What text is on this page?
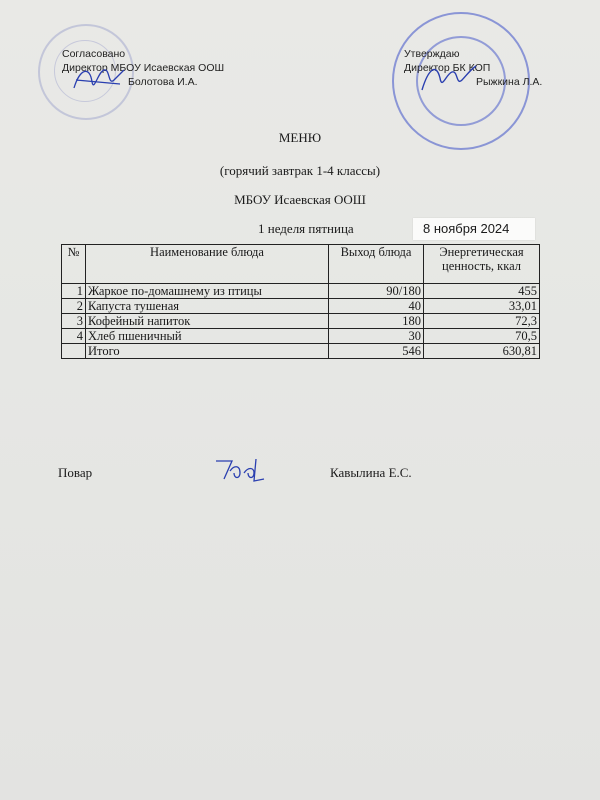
Согласовано
Директор МБОУ Исаевская ООШ
Болотова И.А.
Утверждаю
Директор БК КОП
Рыжкина Л.А.
МЕНЮ
(горячий завтрак 1-4 классы)
МБОУ Исаевская ООШ
1 неделя пятница	8 ноября 2024
№	Наименование блюда	Выход блюда	Энергетическая ценность, ккал
1	Жаркое по-домашнему из птицы	90/180	455
2	Капуста тушеная	40	33,01
3	Кофейный напиток	180	72,3
4	Хлеб пшеничный	30	70,5
	Итого	546	630,81
Повар	Кавылина Е.С.
